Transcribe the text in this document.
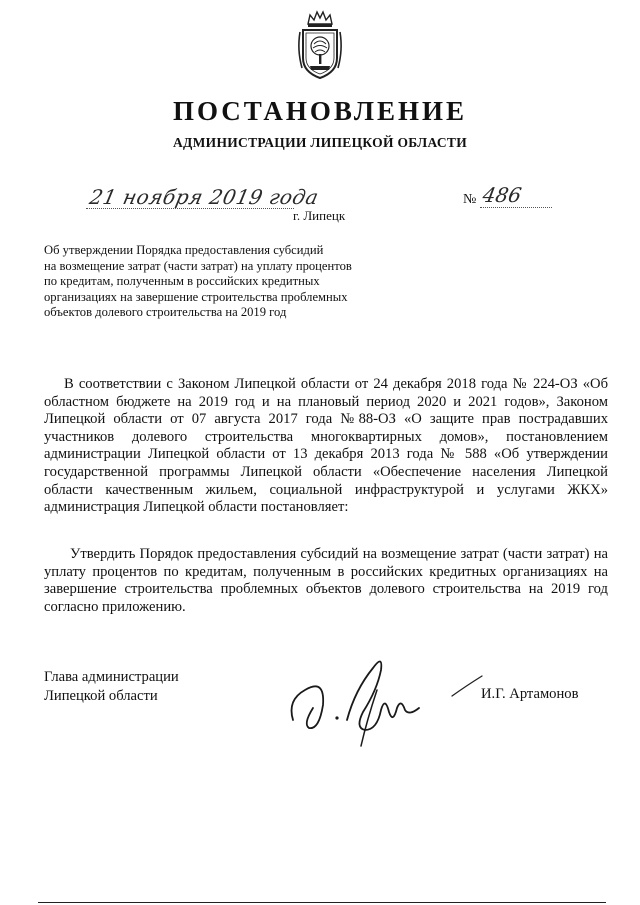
ПОСТАНОВЛЕНИЕ
АДМИНИСТРАЦИИ ЛИПЕЦКОЙ ОБЛАСТИ
21 ноября 2019 года
г. Липецк
№ 486
Об утверждении Порядка предоставления субсидий
на возмещение затрат (части затрат) на уплату процентов
по кредитам, полученным в российских кредитных
организациях на завершение строительства проблемных
объектов долевого строительства на 2019 год
В соответствии с Законом Липецкой области от 24 декабря 2018 года № 224-ОЗ «Об областном бюджете на 2019 год и на плановый период 2020 и 2021 годов», Законом Липецкой области от 07 августа 2017 года №88-ОЗ «О защите прав пострадавших участников долевого строительства многоквартирных домов», постановлением администрации Липецкой области от 13 декабря 2013 года № 588 «Об утверждении государственной программы Липецкой области «Обеспечение населения Липецкой области качественным жильем, социальной инфраструктурой и услугами ЖКХ» администрация Липецкой области постановляет:
Утвердить Порядок предоставления субсидий на возмещение затрат (части затрат) на уплату процентов по кредитам, полученным в российских кредитных организациях на завершение строительства проблемных объектов долевого строительства на 2019 год согласно приложению.
Глава администрации
Липецкой области	И.Г. Артамонов
